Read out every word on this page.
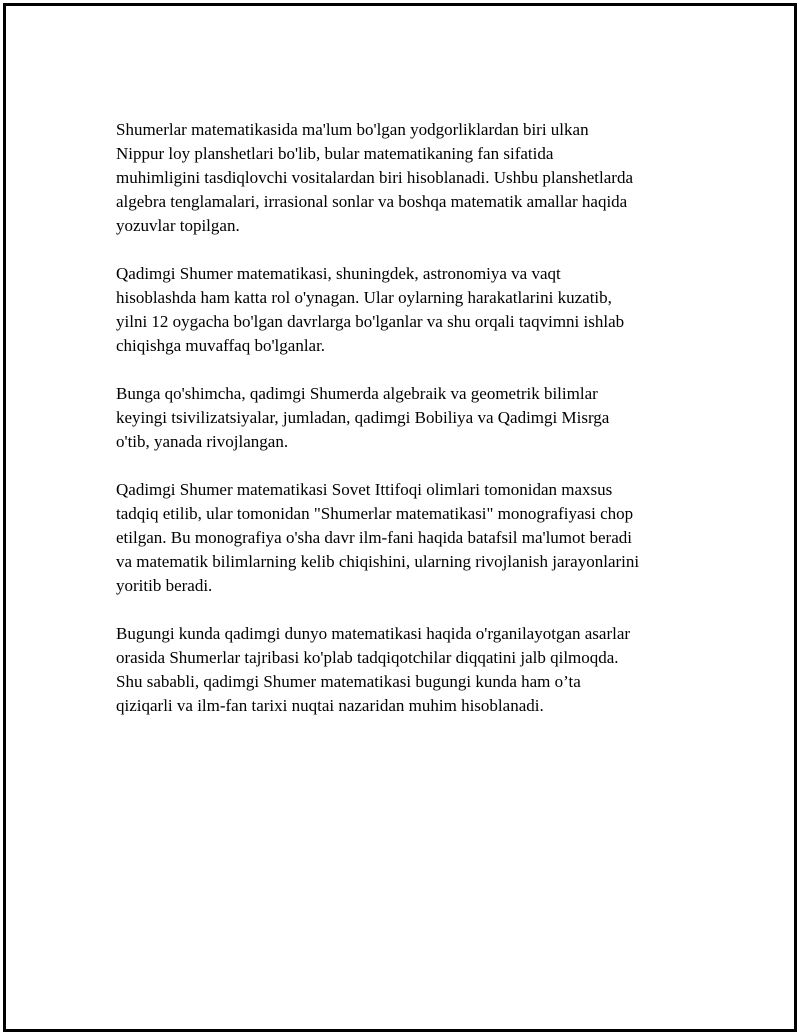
Shumerlar matematikasida ma'lum bo'lgan yodgorliklardan biri ulkan
Nippur loy planshetlari bo'lib, bular matematikaning fan sifatida
muhimligini tasdiqlovchi vositalardan biri hisoblanadi. Ushbu planshetlarda
algebra tenglamalari, irrasional sonlar va boshqa matematik amallar haqida
yozuvlar topilgan.

Qadimgi Shumer matematikasi, shuningdek, astronomiya va vaqt
hisoblashda ham katta rol o'ynagan. Ular oylarning harakatlarini kuzatib,
yilni 12 oygacha bo'lgan davrlarga bo'lganlar va shu orqali taqvimni ishlab
chiqishga muvaffaq bo'lganlar.

Bunga qo'shimcha, qadimgi Shumerda algebraik va geometrik bilimlar
keyingi tsivilizatsiyalar, jumladan, qadimgi Bobiliya va Qadimgi Misrga
o'tib, yanada rivojlangan.

Qadimgi Shumer matematikasi Sovet Ittifoqi olimlari tomonidan maxsus
tadqiq etilib, ular tomonidan "Shumerlar matematikasi" monografiyasi chop
etilgan. Bu monografiya o'sha davr ilm-fani haqida batafsil ma'lumot beradi
va matematik bilimlarning kelib chiqishini, ularning rivojlanish jarayonlarini
yoritib beradi.

Bugungi kunda qadimgi dunyo matematikasi haqida o'rganilayotgan asarlar
orasida Shumerlar tajribasi ko'plab tadqiqotchilar diqqatini jalb qilmoqda.
Shu sababli, qadimgi Shumer matematikasi bugungi kunda ham o’ta
qiziqarli va ilm-fan tarixi nuqtai nazaridan muhim hisoblanadi.
